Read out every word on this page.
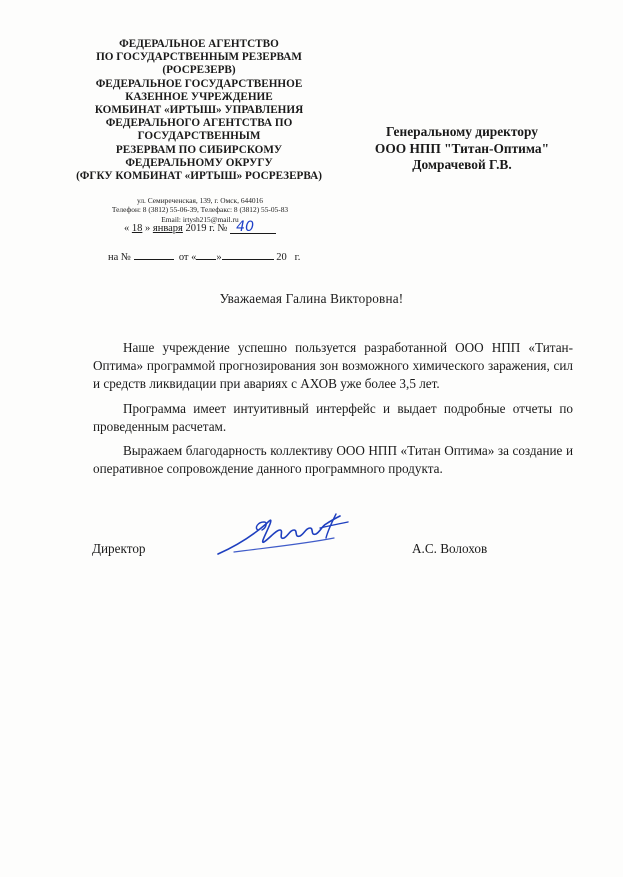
ФЕДЕРАЛЬНОЕ АГЕНТСТВО
ПО ГОСУДАРСТВЕННЫМ РЕЗЕРВАМ
(РОСРЕЗЕРВ)
ФЕДЕРАЛЬНОЕ ГОСУДАРСТВЕННОЕ
КАЗЕННОЕ УЧРЕЖДЕНИЕ
КОМБИНАТ «ИРТЫШ» УПРАВЛЕНИЯ
ФЕДЕРАЛЬНОГО АГЕНТСТВА ПО
ГОСУДАРСТВЕННЫМ
РЕЗЕРВАМ ПО СИБИРСКОМУ
ФЕДЕРАЛЬНОМУ ОКРУГУ
(ФГКУ КОМБИНАТ «ИРТЫШ» РОСРЕЗЕРВА)
ул. Семиреченская, 139, г. Омск, 644016
Телефон: 8 (3812) 55-06-39, Телефакс: 8 (3812) 55-05-83
Email: irtysh215@mail.ru
« 18 » января 2019 г. № 40
на №	от « »	20 г.
Генеральному директору
ООО НПП "Титан-Оптима"
Домрачевой Г.В.
Уважаемая Галина Викторовна!

Наше учреждение успешно пользуется разработанной ООО НПП «Титан-Оптима» программой прогнозирования зон возможного химического заражения, сил и средств ликвидации при авариях с АХОВ уже более 3,5 лет.

Программа имеет интуитивный интерфейс и выдает подробные отчеты по проведенным расчетам.

Выражаем благодарность коллективу ООО НПП «Титан Оптима» за создание и оперативное сопровождение данного программного продукта.

Директор	А.С. Волохов
